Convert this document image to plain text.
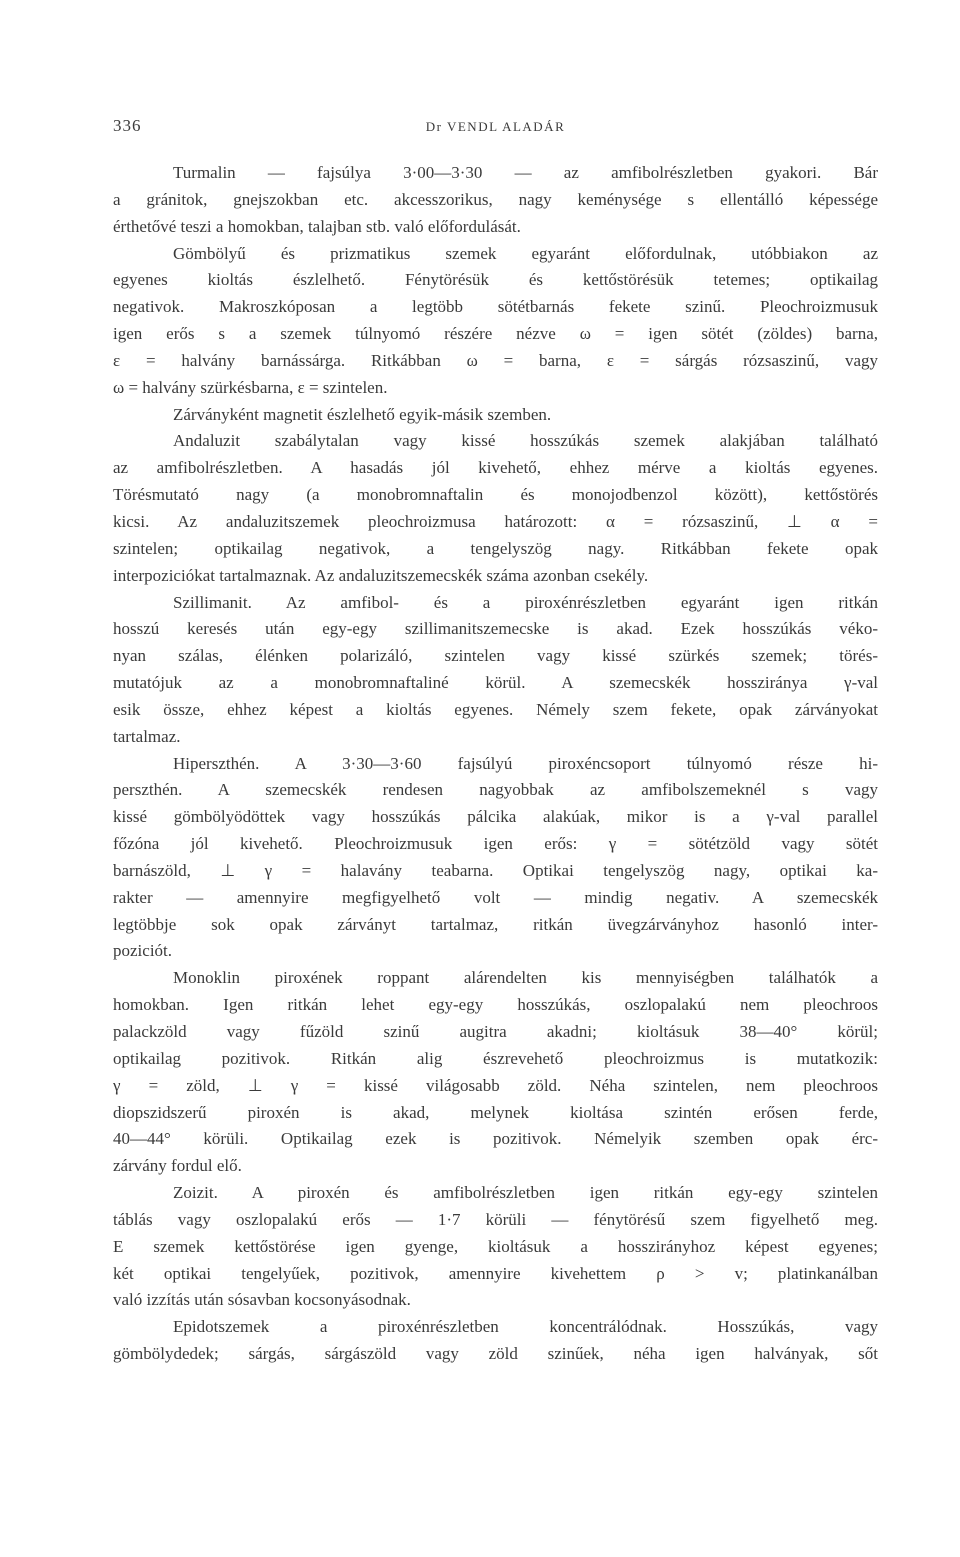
336	Dr VENDL ALADÁR
Turmalin — fajsúlya 3·00—3·30 — az amfibolrészletben gyakori. Bár
a gránitok, gnejszokban etc. akcesszorikus, nagy keménysége s ellentálló képessége
érthetővé teszi a homokban, talajban stb. való előfordulását.
Gömbölyű és prizmatikus szemek egyaránt előfordulnak, utóbbiakon az
egyenes kioltás észlelhető. Fénytörésük és kettőstörésük tetemes; optikailag
negativok. Makroszkóposan a legtöbb sötétbarnás fekete szinű. Pleochroizmusuk
igen erős s a szemek túlnyomó részére nézve ω = igen sötét (zöldes) barna,
ε = halvány barnássárga. Ritkábban ω = barna, ε = sárgás rózsaszinű, vagy
ω = halvány szürkésbarna, ε = szintelen.
Zárványként magnetit észlelhető egyik-másik szemben.
Andaluzit szabálytalan vagy kissé hosszúkás szemek alakjában található
az amfibolrészletben. A hasadás jól kivehető, ehhez mérve a kioltás egyenes.
Törésmutató nagy (a monobromnaftalin és monojodbenzol között), kettőstörés
kicsi. Az andaluzitszemek pleochroizmusa határozott: α = rózsaszinű, ⊥ α =
szintelen; optikailag negativok, a tengelyszög nagy. Ritkábban fekete opak
interpoziciókat tartalmaznak. Az andaluzitszemecskék száma azonban csekély.
Szillimanit. Az amfibol- és a piroxénrészletben egyaránt igen ritkán
hosszú keresés után egy-egy szillimanitszemecske is akad. Ezek hosszúkás véko-
nyan szálas, élénken polarizáló, szintelen vagy kissé szürkés szemek; törés-
mutatójuk az a monobromnaftaliné körül. A szemecskék hosszirányа γ-val
esik össze, ehhez képest a kioltás egyenes. Némely szem fekete, opak zárványokat
tartalmaz.
Hiperszthén. A 3·30—3·60 fajsúlyú piroxéncsoport túlnyomó része hi-
perszthén. A szemecskék rendesen nagyobbak az amfibolszemeknél s vagy
kissé gömbölyödöttek vagy hosszúkás pálcika alakúak, mikor is a γ-val parallel
főzóna jól kivehető. Pleochroizmusuk igen erős: γ = sötétzöld vagy sötét
barnászöld, ⊥ γ = halavány teabarna. Optikai tengelyszög nagy, optikai ka-
rakter — amennyire megfigyelhető volt — mindig negativ. A szemecskék
legtöbbje sok opak zárványt tartalmaz, ritkán üvegzárványhoz hasonló inter-
poziciót.
Monoklin piroxének roppant alárendelten kis mennyiségben találhatók a
homokban. Igen ritkán lehet egy-egy hosszúkás, oszlopalakú nem pleochroos
palackzöld vagy fűzöld szinű augitra akadni; kioltásuk 38—40° körül;
optikailag pozitivok. Ritkán alig észrevehető pleochroizmus is mutatkozik:
γ = zöld, ⊥ γ = kissé világosabb zöld. Néha szintelen, nem pleochroos
diopszidszerű piroxén is akad, melynek kioltása szintén erősen ferde,
40—44° körüli. Optikailag ezek is pozitivok. Némelyik szemben opak érc-
zárvány fordul elő.
Zoizit. A piroxén és amfibolrészletben igen ritkán egy-egy szintelen
táblás vagy oszlopalakú erős — 1·7 körüli — fénytörésű szem figyelhető meg.
E szemek kettőstörése igen gyenge, kioltásuk a hosszirányhoz képest egyenes;
két optikai tengelyűek, pozitivok, amennyire kivehettem ρ > v; platinkanálban
való izzítás után sósavban kocsonyásodnak.
Epidotszemek a piroxénrészletben koncentrálódnak. Hosszúkás, vagy
gömbölydedek; sárgás, sárgászöld vagy zöld szinűek, néha igen halványak, sőt
